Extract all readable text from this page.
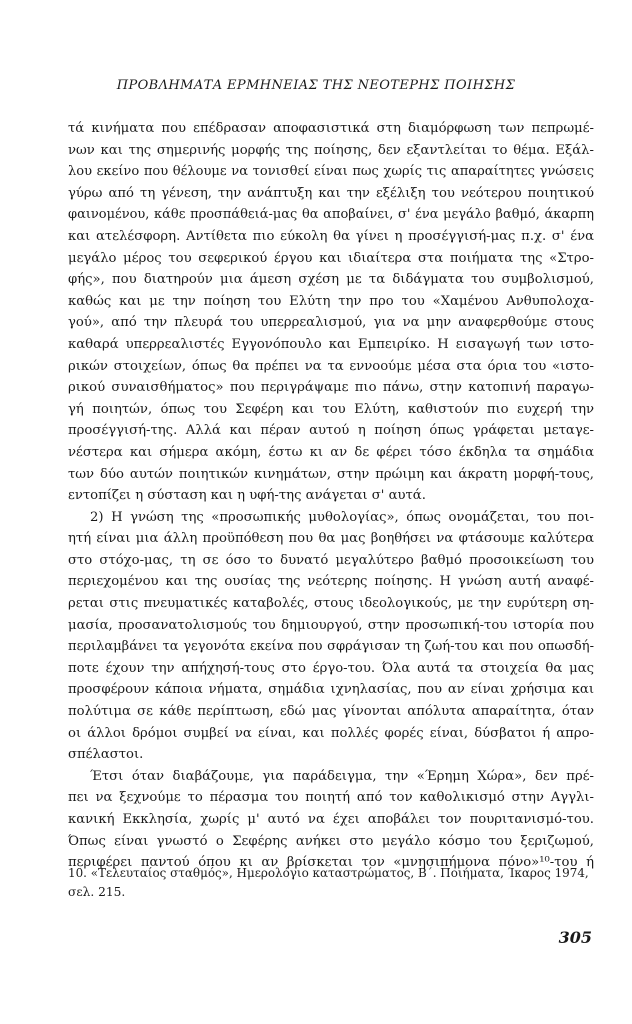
ΠΡΟΒΛΗΜΑΤΑ ΕΡΜΗΝΕΙΑΣ ΤΗΣ ΝΕΟΤΕΡΗΣ ΠΟΙΗΣΗΣ

τά κινήματα που επέδρασαν αποφασιστικά στη διαμόρφωση των πεπρωμέ-
νων και της σημερινής μορφής της ποίησης, δεν εξαντλείται το θέμα. Εξάλ-
λου εκείνο που θέλουμε να τονισθεί είναι πως χωρίς τις απαραίτητες γνώσεις
γύρω από τη γένεση, την ανάπτυξη και την εξέλιξη του νεότερου ποιητικού
φαινομένου, κάθε προσπάθειά-μας θα αποβαίνει, σ' ένα μεγάλο βαθμό, άκαρπη
και ατελέσφορη. Αντίθετα πιο εύκολη θα γίνει η προσέγγισή-μας π.χ. σ' ένα
μεγάλο μέρος του σεφερικού έργου και ιδιαίτερα στα ποιήματα της «Στρο-
φής», που διατηρούν μια άμεση σχέση με τα διδάγματα του συμβολισμού,
καθώς και με την ποίηση του Ελύτη την προ του «Χαμένου Ανθυπολοχα-
γού», από την πλευρά του υπερρεαλισμού, για να μην αναφερθούμε στους
καθαρά υπερρεαλιστές Εγγονόπουλο και Εμπειρίκο. Η εισαγωγή των ιστο-
ρικών στοιχείων, όπως θα πρέπει να τα εννοούμε μέσα στα όρια του «ιστο-
ρικού συναισθήματος» που περιγράψαμε πιο πάνω, στην κατοπινή παραγω-
γή ποιητών, όπως του Σεφέρη και του Ελύτη, καθιστούν πιο ευχερή την
προσέγγισή-της. Αλλά και πέραν αυτού η ποίηση όπως γράφεται μεταγε-
νέστερα και σήμερα ακόμη, έστω κι αν δε φέρει τόσο έκδηλα τα σημάδια
των δύο αυτών ποιητικών κινημάτων, στην πρώιμη και άκρατη μορφή-τους,
εντοπίζει η σύσταση και η υφή-της ανάγεται σ' αυτά.

2) Η γνώση της «προσωπικής μυθολογίας», όπως ονομάζεται, του ποι-
ητή είναι μια άλλη προϋπόθεση που θα μας βοηθήσει να φτάσουμε καλύτερα
στο στόχο-μας, τη σε όσο το δυνατό μεγαλύτερο βαθμό προσοικείωση του
περιεχομένου και της ουσίας της νεότερης ποίησης. Η γνώση αυτή αναφέ-
ρεται στις πνευματικές καταβολές, στους ιδεολογικούς, με την ευρύτερη ση-
μασία, προσανατολισμούς του δημιουργού, στην προσωπική-του ιστορία που
περιλαμβάνει τα γεγονότα εκείνα που σφράγισαν τη ζωή-του και που οπωσδή-
ποτε έχουν την απήχησή-τους στο έργο-του. Όλα αυτά τα στοιχεία θα μας
προσφέρουν κάποια νήματα, σημάδια ιχνηλασίας, που αν είναι χρήσιμα και
πολύτιμα σε κάθε περίπτωση, εδώ μας γίνονται απόλυτα απαραίτητα, όταν
οι άλλοι δρόμοι συμβεί να είναι, και πολλές φορές είναι, δύσβατοι ή απρο-
σπέλαστοι.

Έτσι όταν διαβάζουμε, για παράδειγμα, την «Έρημη Χώρα», δεν πρέ-
πει να ξεχνούμε το πέρασμα του ποιητή από τον καθολικισμό στην Αγγλι-
κανική Εκκλησία, χωρίς μ' αυτό να έχει αποβάλει τον πουριτανισμό-του.
Όπως είναι γνωστό ο Σεφέρης ανήκει στο μεγάλο κόσμο του ξεριζωμού,
περιφέρει παντού όπου κι αν βρίσκεται τον «μνησιπήμονα πόνο»¹⁰-του ή

10. «Τελευταίος σταθμός», Ημερολόγιο καταστρώματος, Β΄. Ποιήματα, Ίκαρος 1974,
σελ. 215.
305
